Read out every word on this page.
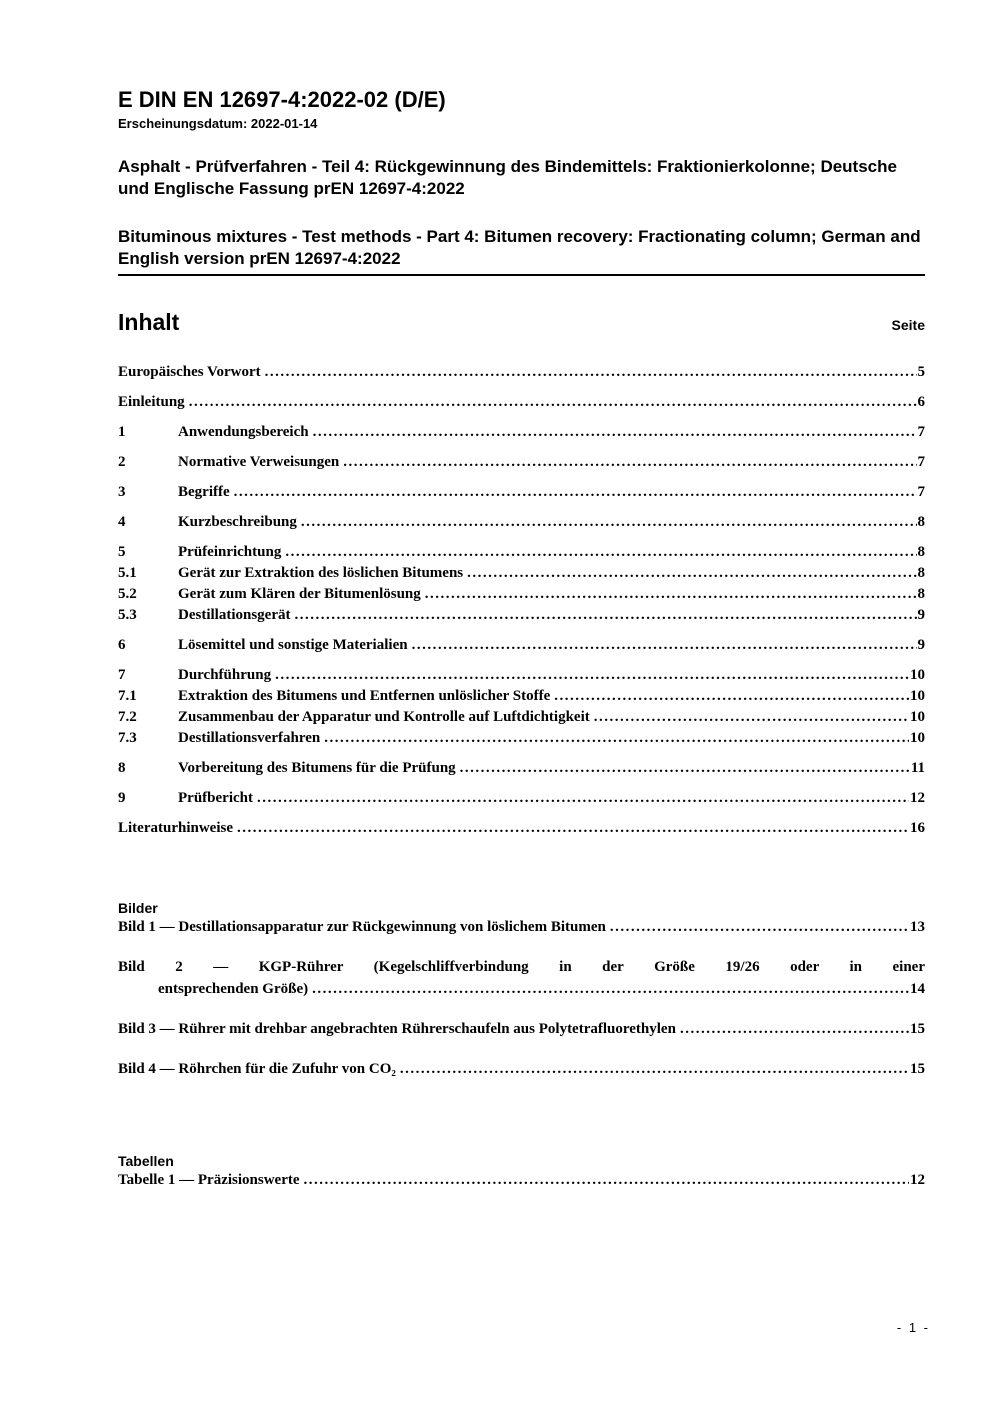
E DIN EN 12697-4:2022-02 (D/E)
Erscheinungsdatum: 2022-01-14
Asphalt - Prüfverfahren - Teil 4: Rückgewinnung des Bindemittels: Fraktionierkolonne; Deutsche und Englische Fassung prEN 12697-4:2022
Bituminous mixtures - Test methods - Part 4: Bitumen recovery: Fractionating column; German and English version prEN 12697-4:2022
Inhalt	Seite
Europäisches Vorwort .....	5
Einleitung .....	6
1	Anwendungsbereich .....	7
2	Normative Verweisungen .....	7
3	Begriffe .....	7
4	Kurzbeschreibung .....	8
5	Prüfeinrichtung .....	8
5.1	Gerät zur Extraktion des löslichen Bitumens .....	8
5.2	Gerät zum Klären der Bitumenlösung .....	8
5.3	Destillationsgerät .....	9
6	Lösemittel und sonstige Materialien .....	9
7	Durchführung .....	10
7.1	Extraktion des Bitumens und Entfernen unlöslicher Stoffe .....	10
7.2	Zusammenbau der Apparatur und Kontrolle auf Luftdichtigkeit .....	10
7.3	Destillationsverfahren .....	10
8	Vorbereitung des Bitumens für die Prüfung .....	11
9	Prüfbericht .....	12
Literaturhinweise .....	16
Bilder
Bild 1 — Destillationsapparatur zur Rückgewinnung von löslichem Bitumen .....	13
Bild 2 — KGP-Rührer (Kegelschliffverbindung in der Größe 19/26 oder in einer
entsprechenden Größe) .....	14
Bild 3 — Rührer mit drehbar angebrachten Rührerschaufeln aus Polytetrafluorethylen .....	15
Bild 4 — Röhrchen für die Zufuhr von CO₂ .....	15
Tabellen
Tabelle 1 — Präzisionswerte .....	12
- 1 -
